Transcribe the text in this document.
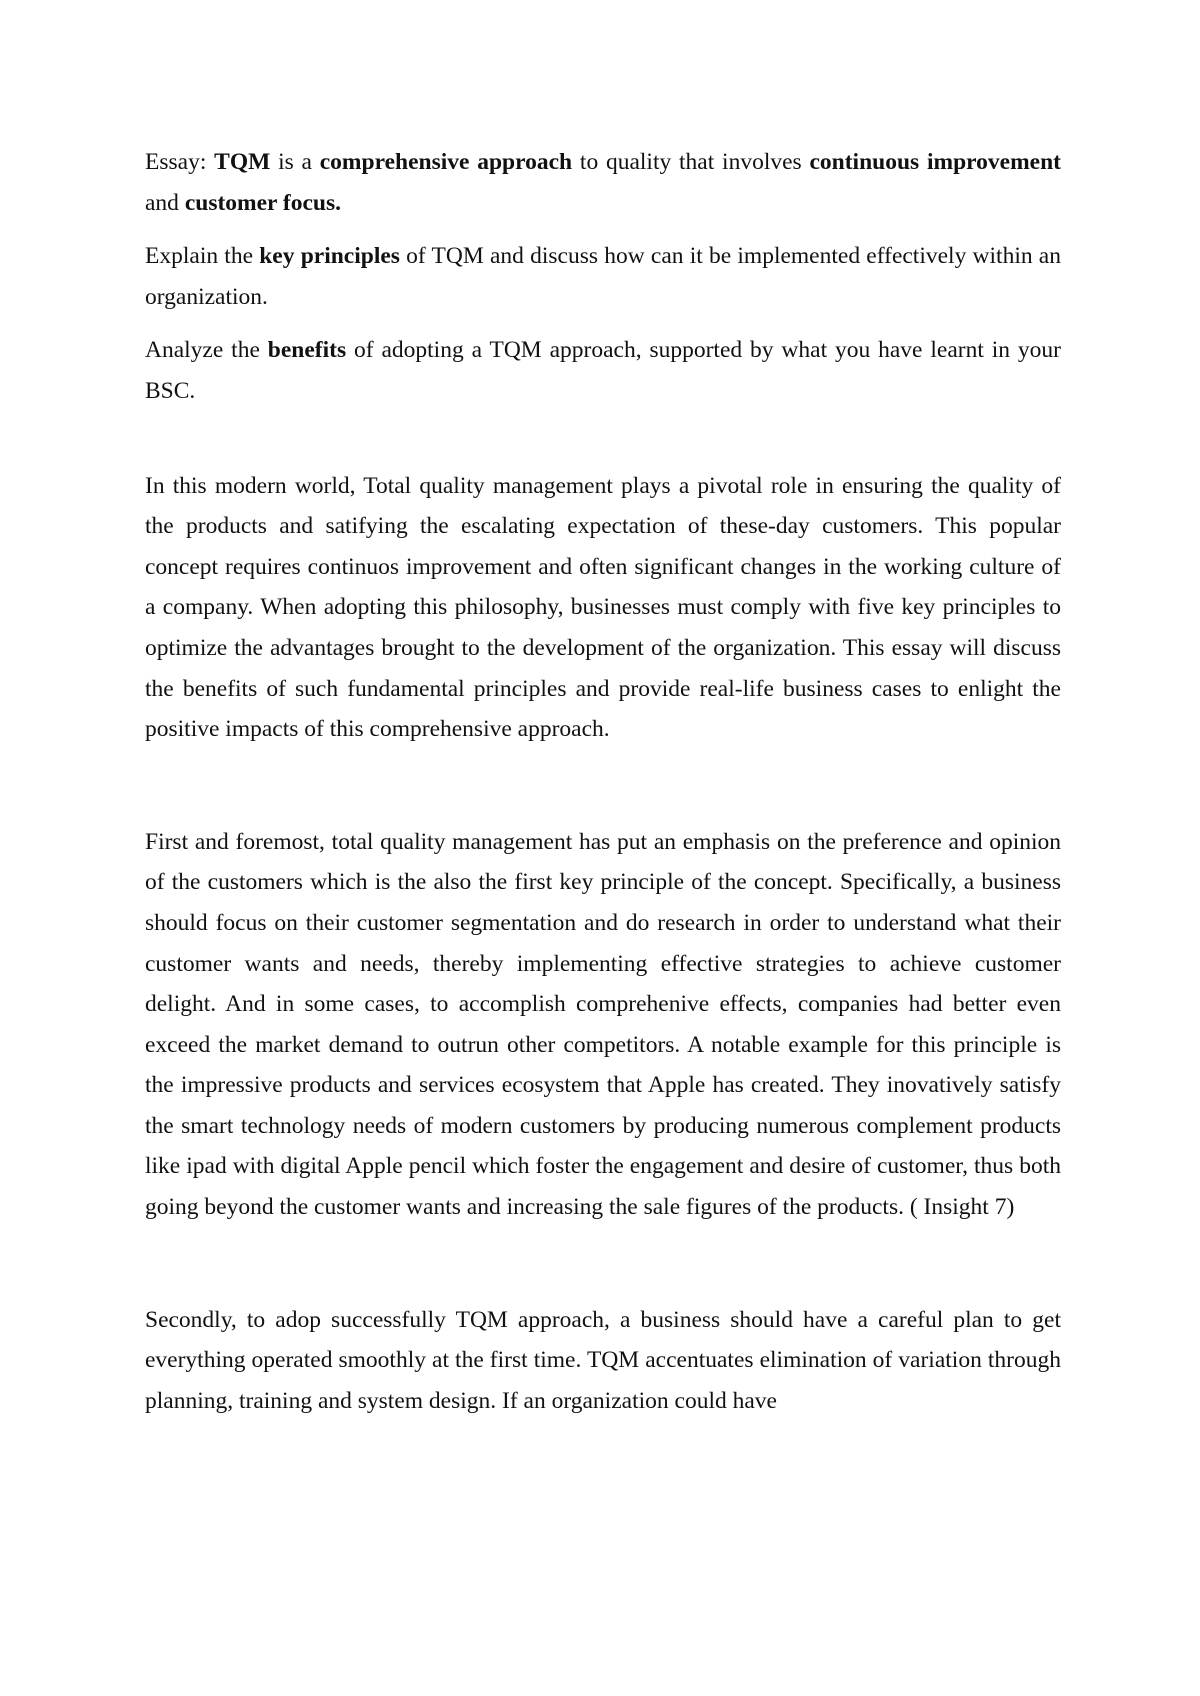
Essay: TQM is a comprehensive approach to quality that involves continuous improvement and customer focus.

Explain the key principles of TQM and discuss how can it be implemented effectively within an organization.

Analyze the benefits of adopting a TQM approach, supported by what you have learnt in your BSC.

In this modern world, Total quality management plays a pivotal role in ensuring the quality of the products and satifying the escalating expectation of these-day customers. This popular concept requires continuos improvement and often significant changes in the working culture of a company. When adopting this philosophy, businesses must comply with five key principles to optimize the advantages brought to the development of the organization. This essay will discuss the benefits of such fundamental principles and provide real-life business cases to enlight the positive impacts of this comprehensive approach.

First and foremost, total quality management has put an emphasis on the preference and opinion of the customers which is the also the first key principle of the concept. Specifically, a business should focus on their customer segmentation and do research in order to understand what their customer wants and needs, thereby implementing effective strategies to achieve customer delight. And in some cases, to accomplish comprehenive effects, companies had better even exceed the market demand to outrun other competitors. A notable example for this principle is the impressive products and services ecosystem that Apple has created. They inovatively satisfy the smart technology needs of modern customers by producing numerous complement products like ipad with digital Apple pencil which foster the engagement and desire of customer, thus both going beyond the customer wants and increasing the sale figures of the products. ( Insight 7)

Secondly, to adop successfully TQM approach, a business should have a careful plan to get everything operated smoothly at the first time. TQM accentuates elimination of variation through planning, training and system design. If an organization could have
